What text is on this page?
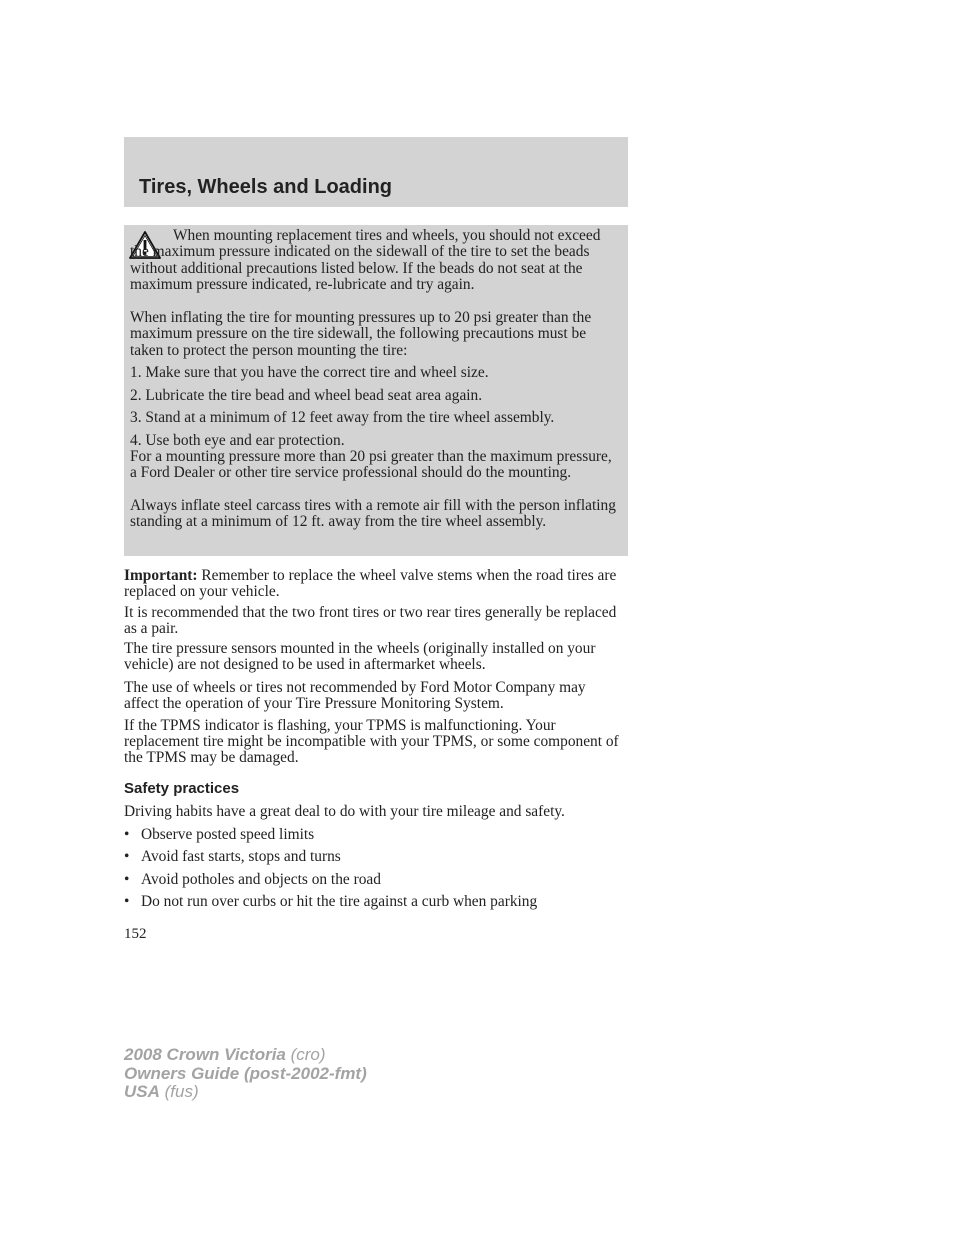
Tires, Wheels and Loading

When mounting replacement tires and wheels, you should not exceed the maximum pressure indicated on the sidewall of the tire to set the beads without additional precautions listed below. If the beads do not seat at the maximum pressure indicated, re-lubricate and try again.

When inflating the tire for mounting pressures up to 20 psi greater than the maximum pressure on the tire sidewall, the following precautions must be taken to protect the person mounting the tire:

1. Make sure that you have the correct tire and wheel size.

2. Lubricate the tire bead and wheel bead seat area again.

3. Stand at a minimum of 12 feet away from the tire wheel assembly.

4. Use both eye and ear protection.

For a mounting pressure more than 20 psi greater than the maximum pressure, a Ford Dealer or other tire service professional should do the mounting.

Always inflate steel carcass tires with a remote air fill with the person inflating standing at a minimum of 12 ft. away from the tire wheel assembly.

Important: Remember to replace the wheel valve stems when the road tires are replaced on your vehicle.

It is recommended that the two front tires or two rear tires generally be replaced as a pair.

The tire pressure sensors mounted in the wheels (originally installed on your vehicle) are not designed to be used in aftermarket wheels.

The use of wheels or tires not recommended by Ford Motor Company may affect the operation of your Tire Pressure Monitoring System.

If the TPMS indicator is flashing, your TPMS is malfunctioning. Your replacement tire might be incompatible with your TPMS, or some component of the TPMS may be damaged.

Safety practices

Driving habits have a great deal to do with your tire mileage and safety.

• Observe posted speed limits
• Avoid fast starts, stops and turns
• Avoid potholes and objects on the road
• Do not run over curbs or hit the tire against a curb when parking
152
2008 Crown Victoria (cro)
Owners Guide (post-2002-fmt)
USA (fus)
